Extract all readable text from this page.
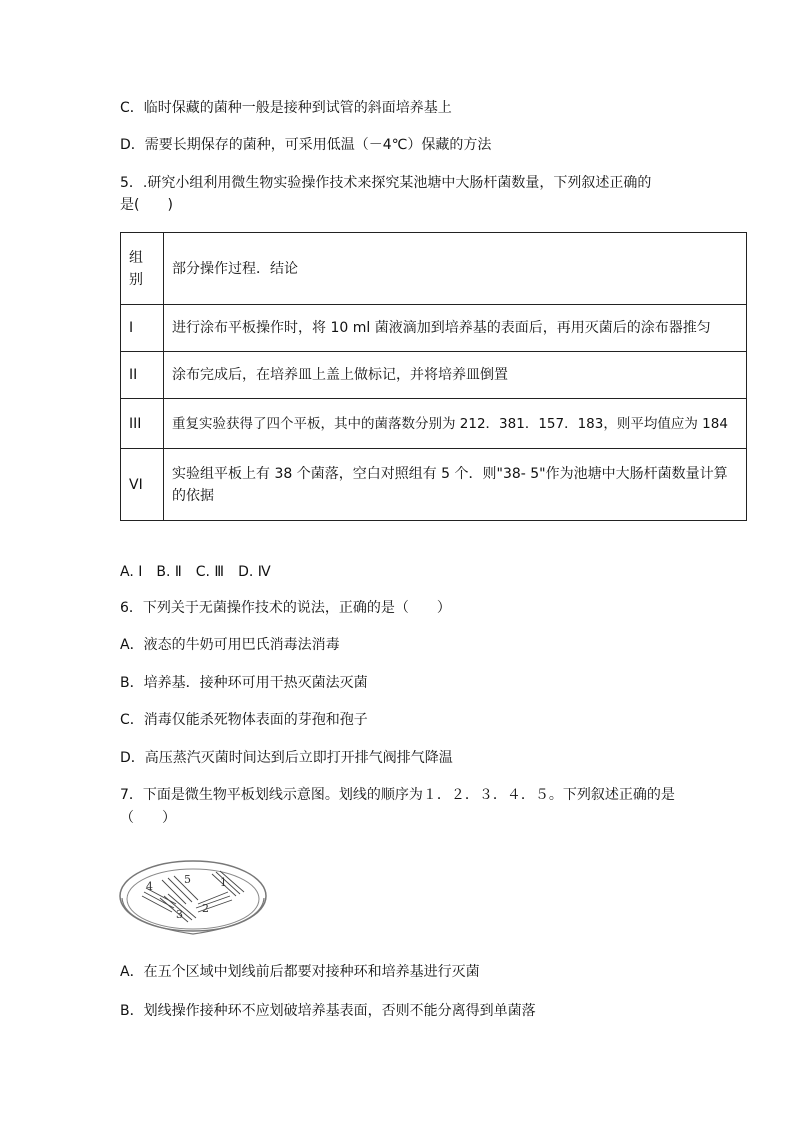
C．临时保藏的菌种一般是接种到试管的斜面培养基上
D．需要长期保存的菌种，可采用低温（－4℃）保藏的方法
5．.研究小组利用微生物实验操作技术来探究某池塘中大肠杆菌数量，下列叙述正确的
是(　　)
组别	部分操作过程．结论
I	进行涂布平板操作时，将 10 ml 菌液滴加到培养基的表面后，再用灭菌后的涂布器推匀
II	涂布完成后，在培养皿上盖上做标记，并将培养皿倒置
III	重复实验获得了四个平板，其中的菌落数分别为 212．381．157．183，则平均值应为 184
VI	实验组平板上有 38 个菌落，空白对照组有 5 个．则"38- 5"作为池塘中大肠杆菌数量计算的依据
A. Ⅰ　B. Ⅱ　C. Ⅲ　D. Ⅳ
6．下列关于无菌操作技术的说法，正确的是（　　）
A．液态的牛奶可用巴氏消毒法消毒
B．培养基．接种环可用干热灭菌法灭菌
C．消毒仅能杀死物体表面的芽孢和孢子
D．高压蒸汽灭菌时间达到后立即打开排气阀排气降温
7．下面是微生物平板划线示意图。划线的顺序为１．２．３．４．５。下列叙述正确的是
（　　）
1
2
3
4
5
A．在五个区域中划线前后都要对接种环和培养基进行灭菌
B．划线操作接种环不应划破培养基表面，否则不能分离得到单菌落
